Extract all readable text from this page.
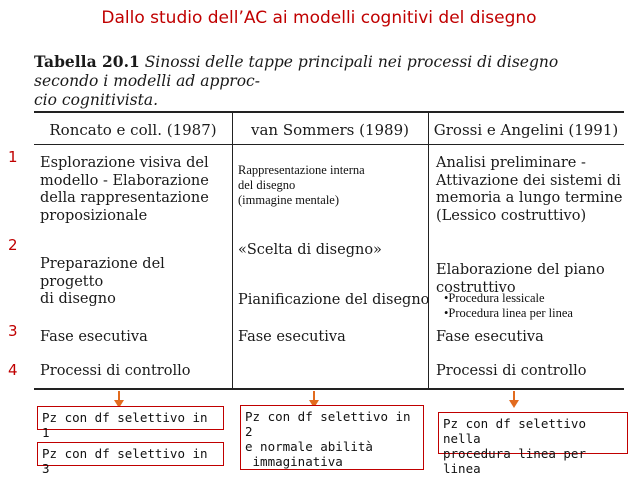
Dallo studio dell’AC ai modelli cognitivi del disegno
Tabella 20.1 Sinossi delle tappe principali nei processi di disegno secondo i modelli ad approc-
cio cognitivista.
Roncato e coll. (1987)	van Sommers (1989)	Grossi e Angelini (1991)
1
2
3
4
Esplorazione visiva del
modello - Elaborazione
della rappresentazione
proposizionale
Preparazione del progetto
di disegno
Fase esecutiva
Processi di controllo
Rappresentazione interna
del disegno
(immagine mentale)
«Scelta di disegno»
Pianificazione del disegno
Fase esecutiva
Analisi preliminare -
Attivazione dei sistemi di
memoria a lungo termine
(Lessico costruttivo)
Elaborazione del piano
costruttivo
•Procedura lessicale
•Procedura linea per linea
Fase esecutiva
Processi di controllo
Pz con df selettivo in 1
Pz con df selettivo in 3
Pz con df selettivo in 2
e normale abilità
immaginativa
Pz con df selettivo nella
procedura linea per linea
